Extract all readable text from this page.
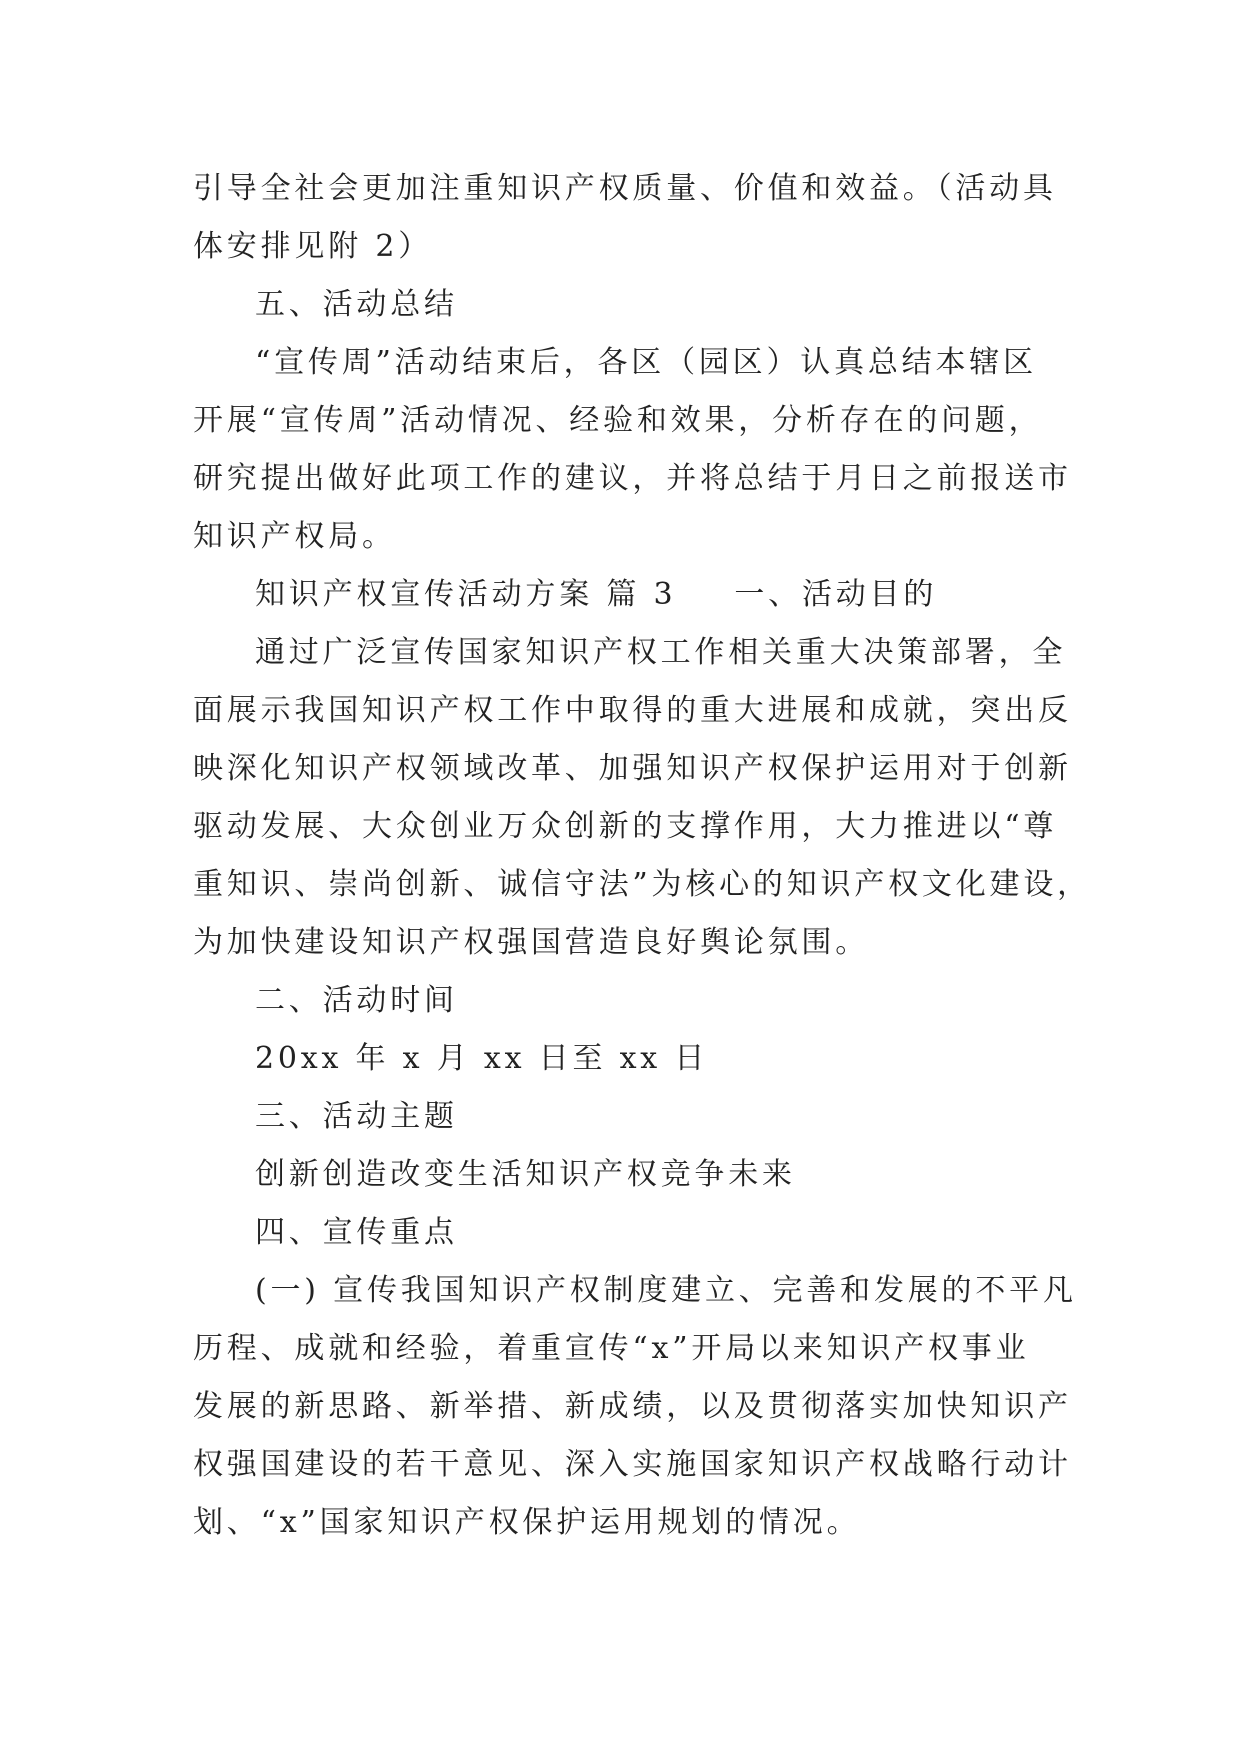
引导全社会更加注重知识产权质量、价值和效益。（活动具
体安排见附 2）
五、活动总结
“宣传周”活动结束后，各区（园区）认真总结本辖区
开展“宣传周”活动情况、经验和效果，分析存在的问题，
研究提出做好此项工作的建议，并将总结于月日之前报送市
知识产权局。
知识产权宣传活动方案 篇 3 一、活动目的
通过广泛宣传国家知识产权工作相关重大决策部署，全
面展示我国知识产权工作中取得的重大进展和成就，突出反
映深化知识产权领域改革、加强知识产权保护运用对于创新
驱动发展、大众创业万众创新的支撑作用，大力推进以“尊
重知识、崇尚创新、诚信守法”为核心的知识产权文化建设，
为加快建设知识产权强国营造良好舆论氛围。
二、活动时间
20xx 年 x 月 xx 日至 xx 日
三、活动主题
创新创造改变生活知识产权竞争未来
四、宣传重点
(一) 宣传我国知识产权制度建立、完善和发展的不平凡
历程、成就和经验，着重宣传“x”开局以来知识产权事业
发展的新思路、新举措、新成绩，以及贯彻落实加快知识产
权强国建设的若干意见、深入实施国家知识产权战略行动计
划、“x”国家知识产权保护运用规划的情况。
